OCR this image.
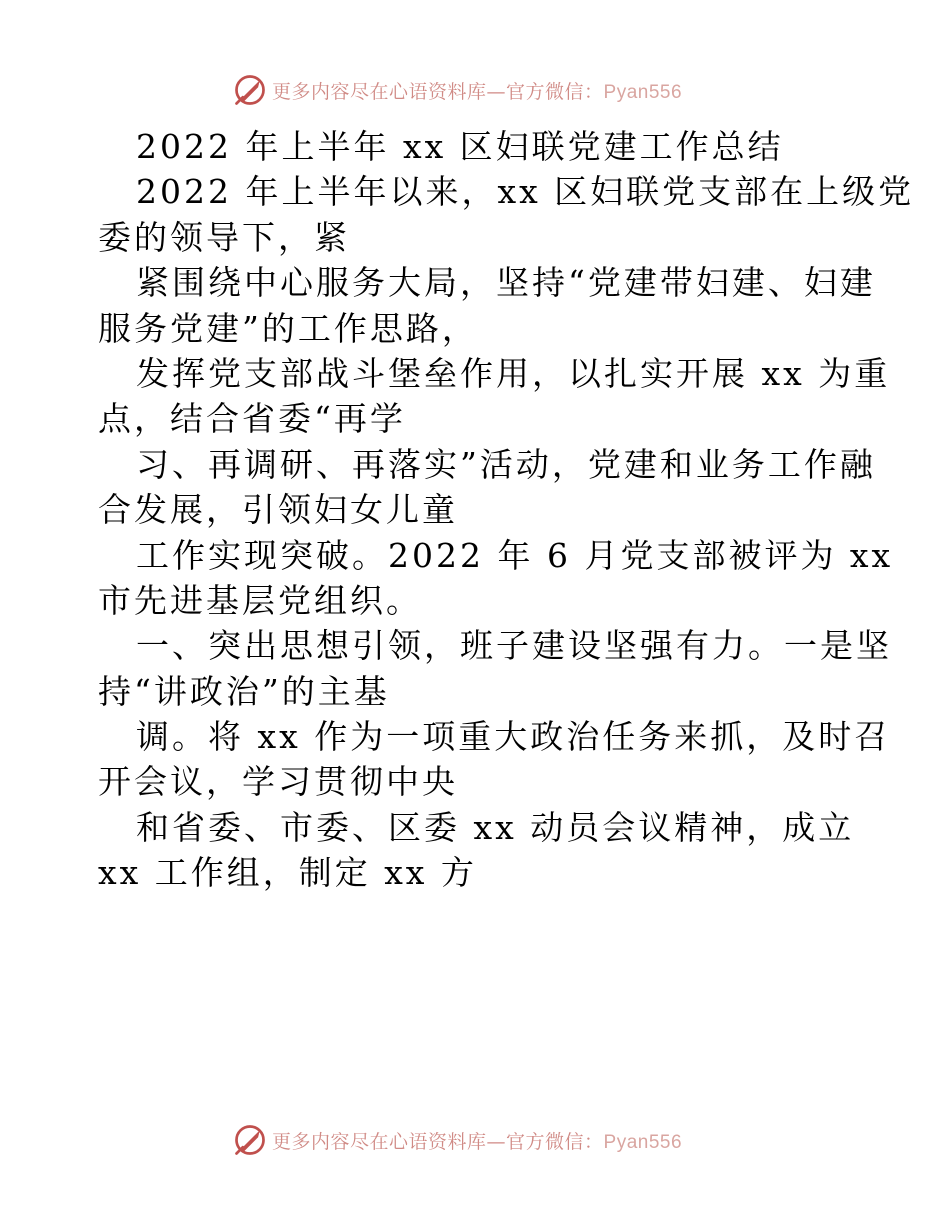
更多内容尽在心语资料库—官方微信：Pyan556
2022 年上半年 xx 区妇联党建工作总结
2022 年上半年以来，xx 区妇联党支部在上级党
委的领导下，紧
紧围绕中心服务大局，坚持“党建带妇建、妇建
服务党建”的工作思路，
发挥党支部战斗堡垒作用，以扎实开展 xx 为重
点，结合省委“再学
习、再调研、再落实”活动，党建和业务工作融
合发展，引领妇女儿童
工作实现突破。2022 年 6 月党支部被评为 xx
市先进基层党组织。
一、突出思想引领，班子建设坚强有力。一是坚
持“讲政治”的主基
调。将 xx 作为一项重大政治任务来抓，及时召
开会议，学习贯彻中央
和省委、市委、区委 xx 动员会议精神，成立
xx 工作组，制定 xx 方
更多内容尽在心语资料库—官方微信：Pyan556
